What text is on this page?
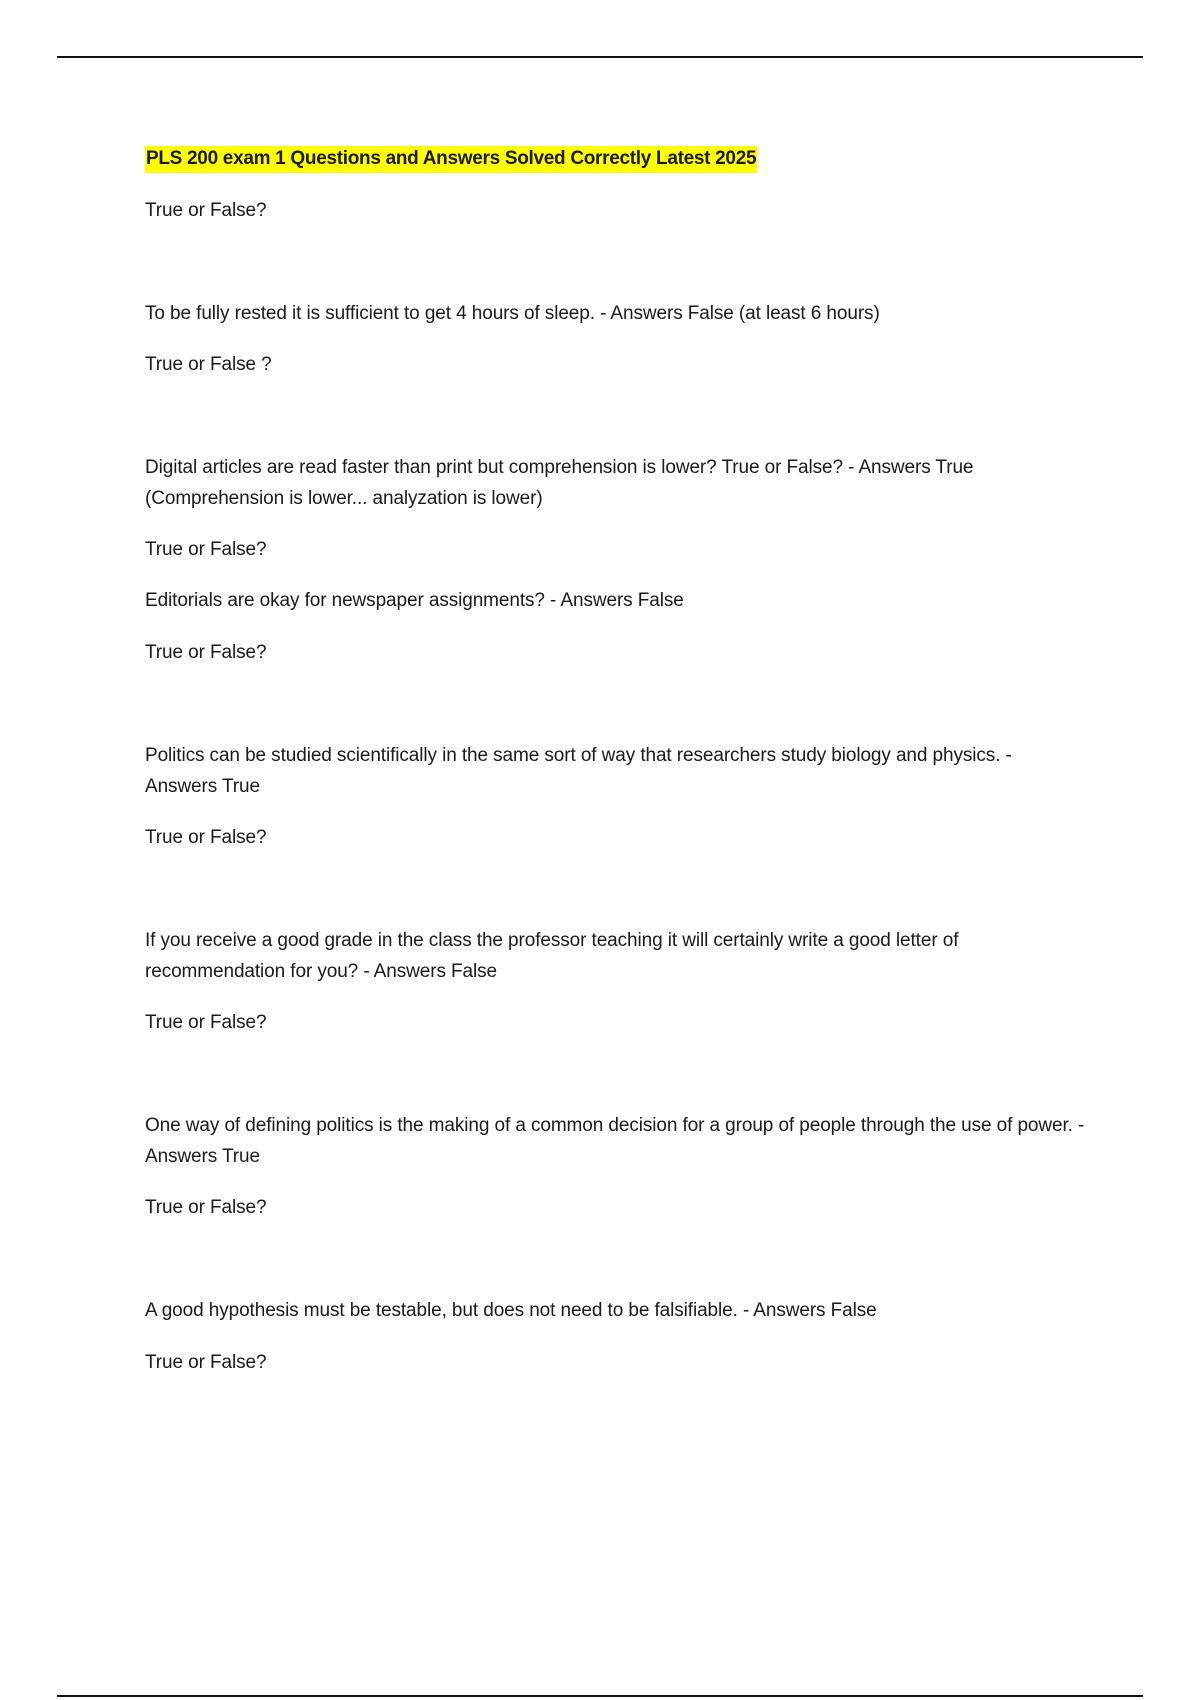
PLS 200 exam 1 Questions and Answers Solved Correctly Latest 2025
True or False?
To be fully rested it is sufficient to get 4 hours of sleep. - Answers False (at least 6 hours)
True or False ?
Digital articles are read faster than print but comprehension is lower? True or False? - Answers True (Comprehension is lower... analyzation is lower)
True or False?
Editorials are okay for newspaper assignments? - Answers False
True or False?
Politics can be studied scientifically in the same sort of way that researchers study biology and physics. - Answers True
True or False?
If you receive a good grade in the class the professor teaching it will certainly write a good letter of recommendation for you? - Answers False
True or False?
One way of defining politics is the making of a common decision for a group of people through the use of power. - Answers True
True or False?
A good hypothesis must be testable, but does not need to be falsifiable. - Answers False
True or False?
